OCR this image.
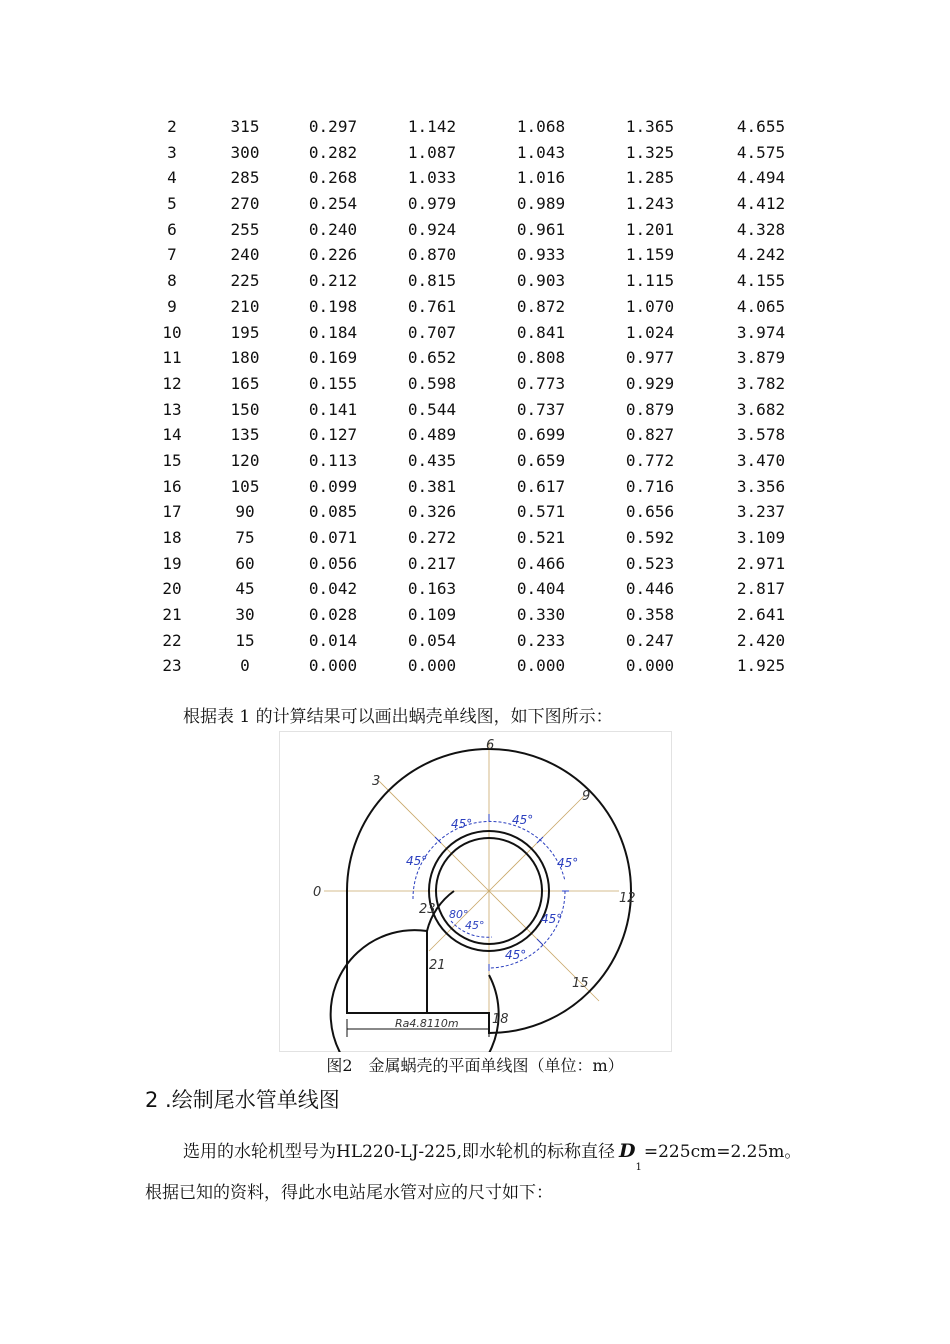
2	315	0.297	1.142	1.068	1.365	4.655
3	300	0.282	1.087	1.043	1.325	4.575
4	285	0.268	1.033	1.016	1.285	4.494
5	270	0.254	0.979	0.989	1.243	4.412
6	255	0.240	0.924	0.961	1.201	4.328
7	240	0.226	0.870	0.933	1.159	4.242
8	225	0.212	0.815	0.903	1.115	4.155
9	210	0.198	0.761	0.872	1.070	4.065
10	195	0.184	0.707	0.841	1.024	3.974
11	180	0.169	0.652	0.808	0.977	3.879
12	165	0.155	0.598	0.773	0.929	3.782
13	150	0.141	0.544	0.737	0.879	3.682
14	135	0.127	0.489	0.699	0.827	3.578
15	120	0.113	0.435	0.659	0.772	3.470
16	105	0.099	0.381	0.617	0.716	3.356
17	90	0.085	0.326	0.571	0.656	3.237
18	75	0.071	0.272	0.521	0.592	3.109
19	60	0.056	0.217	0.466	0.523	2.971
20	45	0.042	0.163	0.404	0.446	2.817
21	30	0.028	0.109	0.330	0.358	2.641
22	15	0.014	0.054	0.233	0.247	2.420
23	0	0.000	0.000	0.000	0.000	1.925
根据表 1 的计算结果可以画出蜗壳单线图，如下图所示：
0
3
6
9
12
15
18
21
23
45°	45°
45°	45°
45°
45°
80°
45°
Ra4.8110m
图2　金属蜗壳的平面单线图（单位：m）
2 .绘制尾水管单线图
选用的水轮机型号为HL220-LJ-225,即水轮机的标称直径 $D_1=225cm=2.25m$。
根据已知的资料，得此水电站尾水管对应的尺寸如下：
